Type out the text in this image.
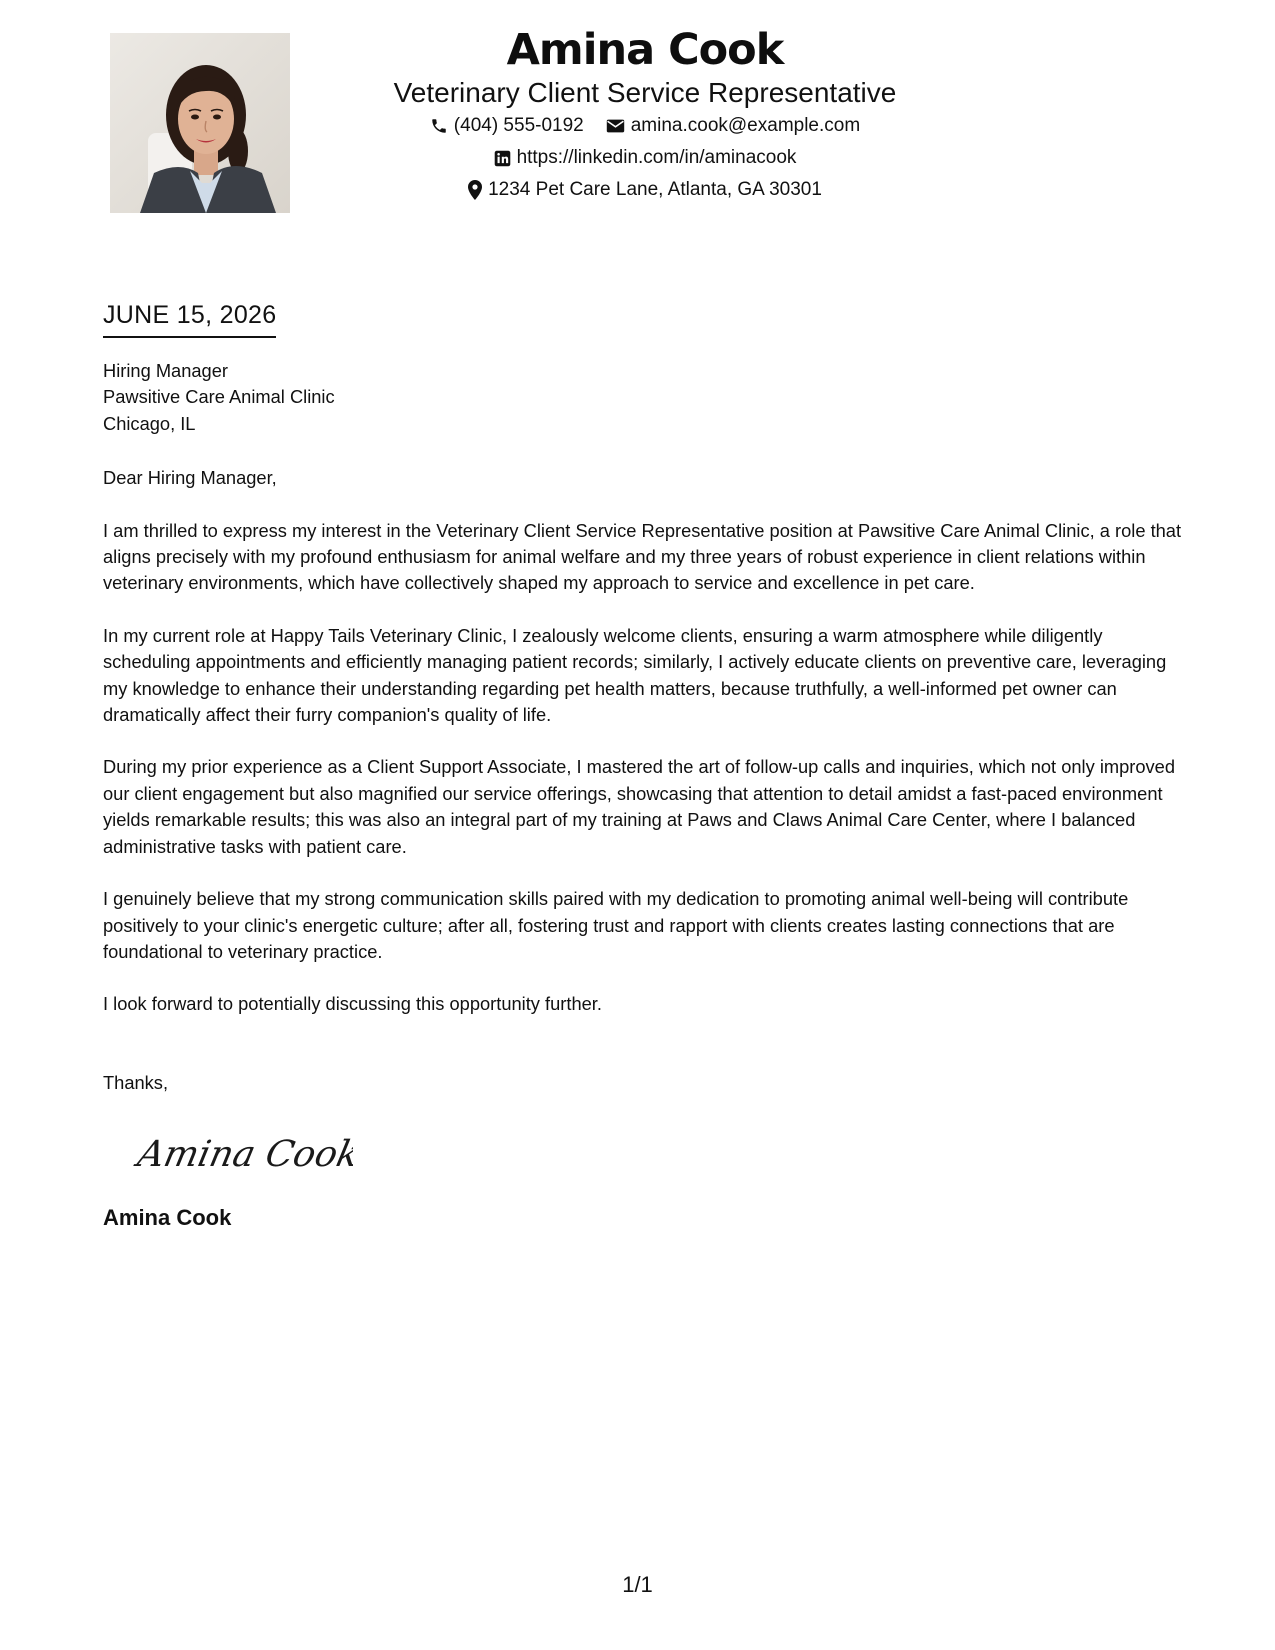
Amina Cook
Veterinary Client Service Representative
(404) 555-0192 amina.cook@example.com
https://linkedin.com/in/aminacook
1234 Pet Care Lane, Atlanta, GA 30301
JUNE 15, 2026
Hiring Manager
Pawsitive Care Animal Clinic
Chicago, IL
Dear Hiring Manager,
I am thrilled to express my interest in the Veterinary Client Service Representative position at Pawsitive Care Animal Clinic, a role that aligns precisely with my profound enthusiasm for animal welfare and my three years of robust experience in client relations within veterinary environments, which have collectively shaped my approach to service and excellence in pet care.
In my current role at Happy Tails Veterinary Clinic, I zealously welcome clients, ensuring a warm atmosphere while diligently scheduling appointments and efficiently managing patient records; similarly, I actively educate clients on preventive care, leveraging my knowledge to enhance their understanding regarding pet health matters, because truthfully, a well-informed pet owner can dramatically affect their furry companion's quality of life.
During my prior experience as a Client Support Associate, I mastered the art of follow-up calls and inquiries, which not only improved our client engagement but also magnified our service offerings, showcasing that attention to detail amidst a fast-paced environment yields remarkable results; this was also an integral part of my training at Paws and Claws Animal Care Center, where I balanced administrative tasks with patient care.
I genuinely believe that my strong communication skills paired with my dedication to promoting animal well-being will contribute positively to your clinic's energetic culture; after all, fostering trust and rapport with clients creates lasting connections that are foundational to veterinary practice.
I look forward to potentially discussing this opportunity further.
Thanks,
Amina Cook
Amina Cook
1/1
